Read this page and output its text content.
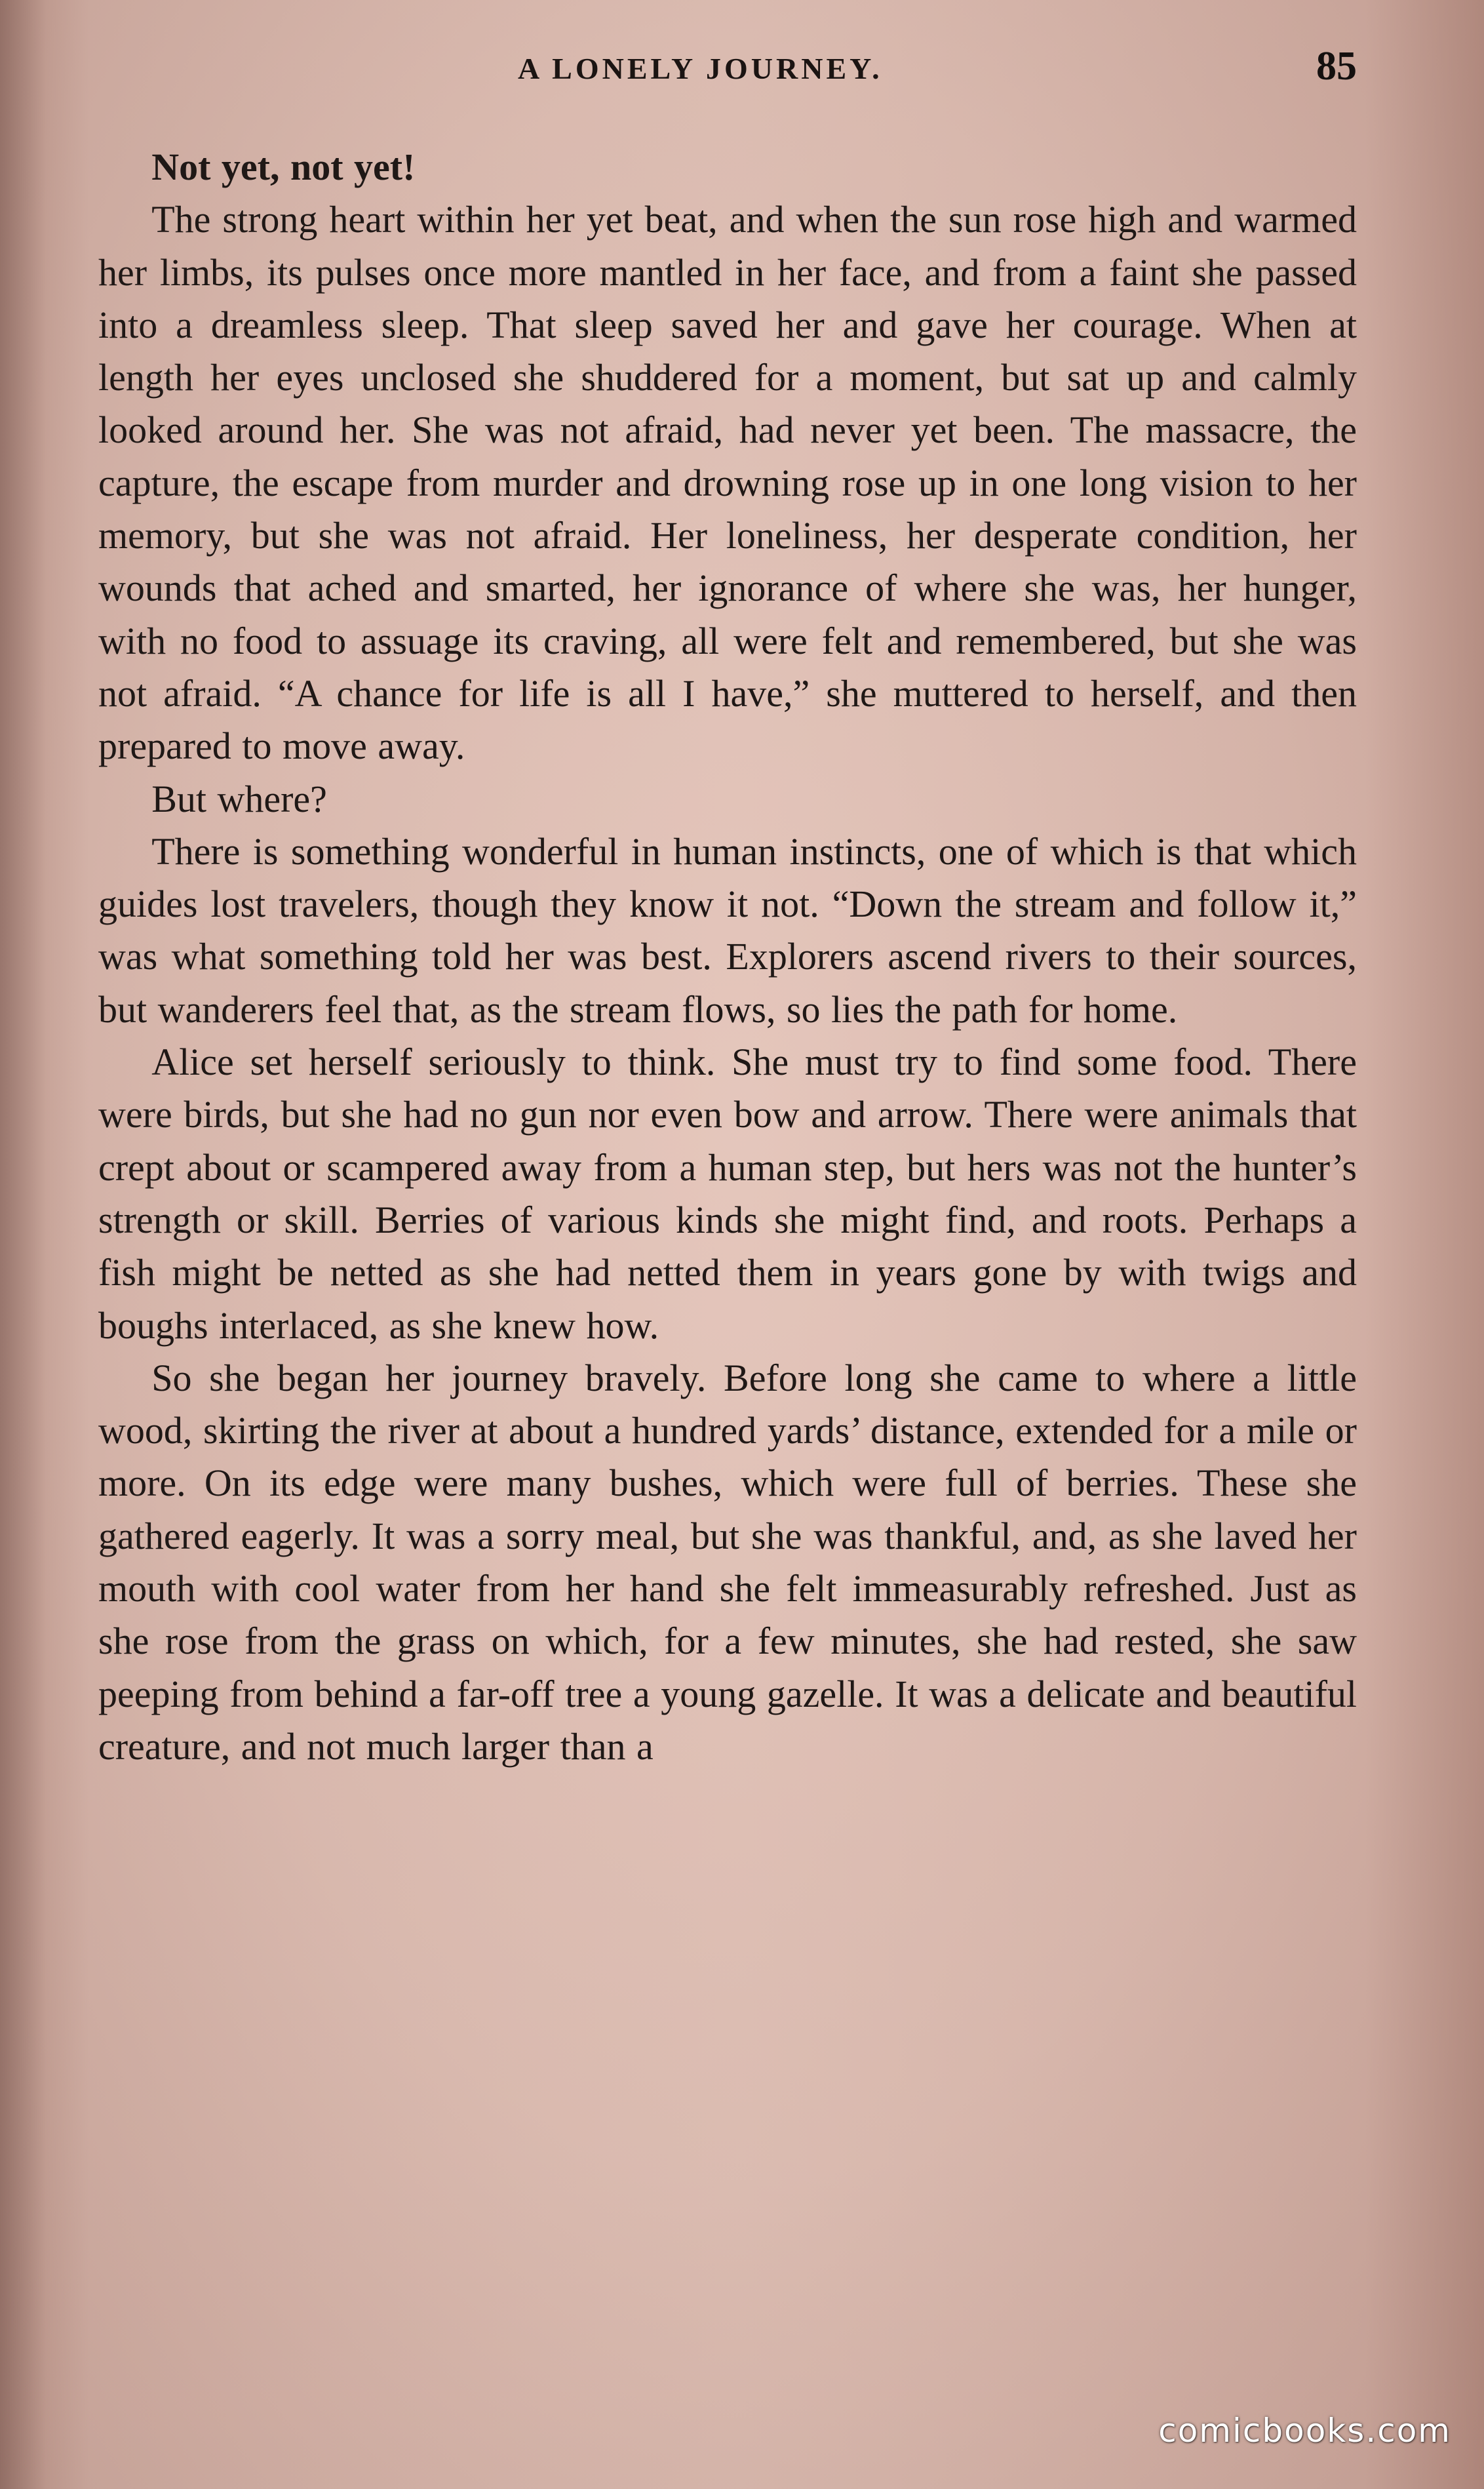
A LONELY JOURNEY.	85

Not yet, not yet!

The strong heart within her yet beat, and when the sun rose high and warmed her limbs, its pulses once more mantled in her face, and from a faint she passed into a dreamless sleep. That sleep saved her and gave her courage. When at length her eyes unclosed she shuddered for a moment, but sat up and calmly looked around her. She was not afraid, had never yet been. The massacre, the capture, the escape from murder and drowning rose up in one long vision to her memory, but she was not afraid. Her loneliness, her desperate condition, her wounds that ached and smarted, her ignorance of where she was, her hunger, with no food to assuage its craving, all were felt and remembered, but she was not afraid. “A chance for life is all I have,” she muttered to herself, and then prepared to move away.

But where?

There is something wonderful in human instincts, one of which is that which guides lost travelers, though they know it not. “Down the stream and follow it,” was what something told her was best. Explorers ascend rivers to their sources, but wanderers feel that, as the stream flows, so lies the path for home.

Alice set herself seriously to think. She must try to find some food. There were birds, but she had no gun nor even bow and arrow. There were animals that crept about or scampered away from a human step, but hers was not the hunter’s strength or skill. Berries of various kinds she might find, and roots. Perhaps a fish might be netted as she had netted them in years gone by with twigs and boughs interlaced, as she knew how.

So she began her journey bravely. Before long she came to where a little wood, skirting the river at about a hundred yards’ distance, extended for a mile or more. On its edge were many bushes, which were full of berries. These she gathered eagerly. It was a sorry meal, but she was thankful, and, as she laved her mouth with cool water from her hand she felt immeasurably refreshed. Just as she rose from the grass on which, for a few minutes, she had rested, she saw peeping from behind a far-off tree a young gazelle. It was a delicate and beautiful creature, and not much larger than a

comicbooks.com
